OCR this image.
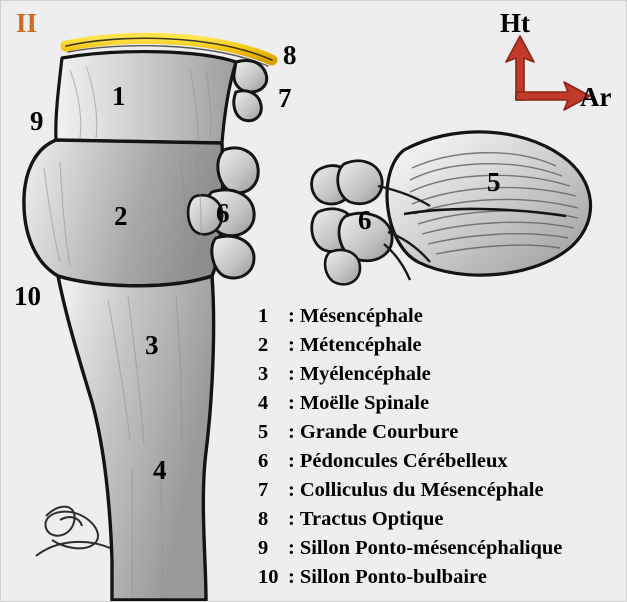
II	Ht
Ar
1
2
3
4
5
6	6
7
8
9
10
1 : Mésencéphale
2 : Métencéphale
3 : Myélencéphale
4 : Moëlle Spinale
5 : Grande Courbure
6 : Pédoncules Cérébelleux
7 : Colliculus du Mésencéphale
8 : Tractus Optique
9 : Sillon Ponto-mésencéphalique
10 : Sillon Ponto-bulbaire
